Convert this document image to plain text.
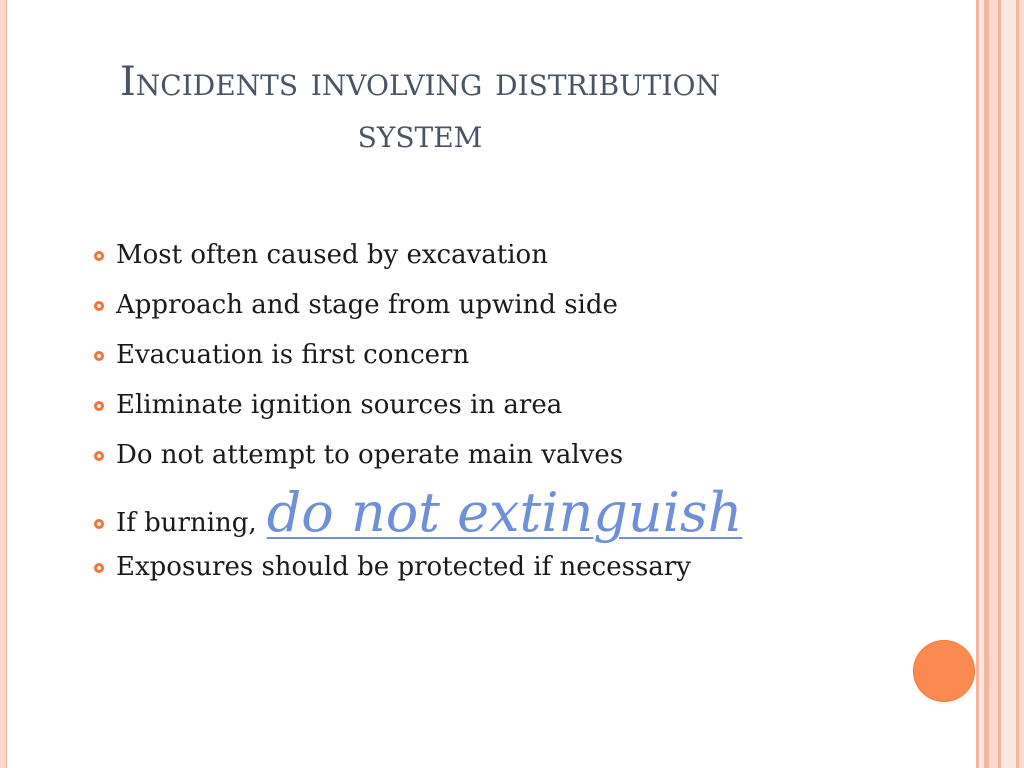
Incidents involving distribution system
Most often caused by excavation
Approach and stage from upwind side
Evacuation is first concern
Eliminate ignition sources in area
Do not attempt to operate main valves
If burning, do not extinguish
Exposures should be protected if necessary
